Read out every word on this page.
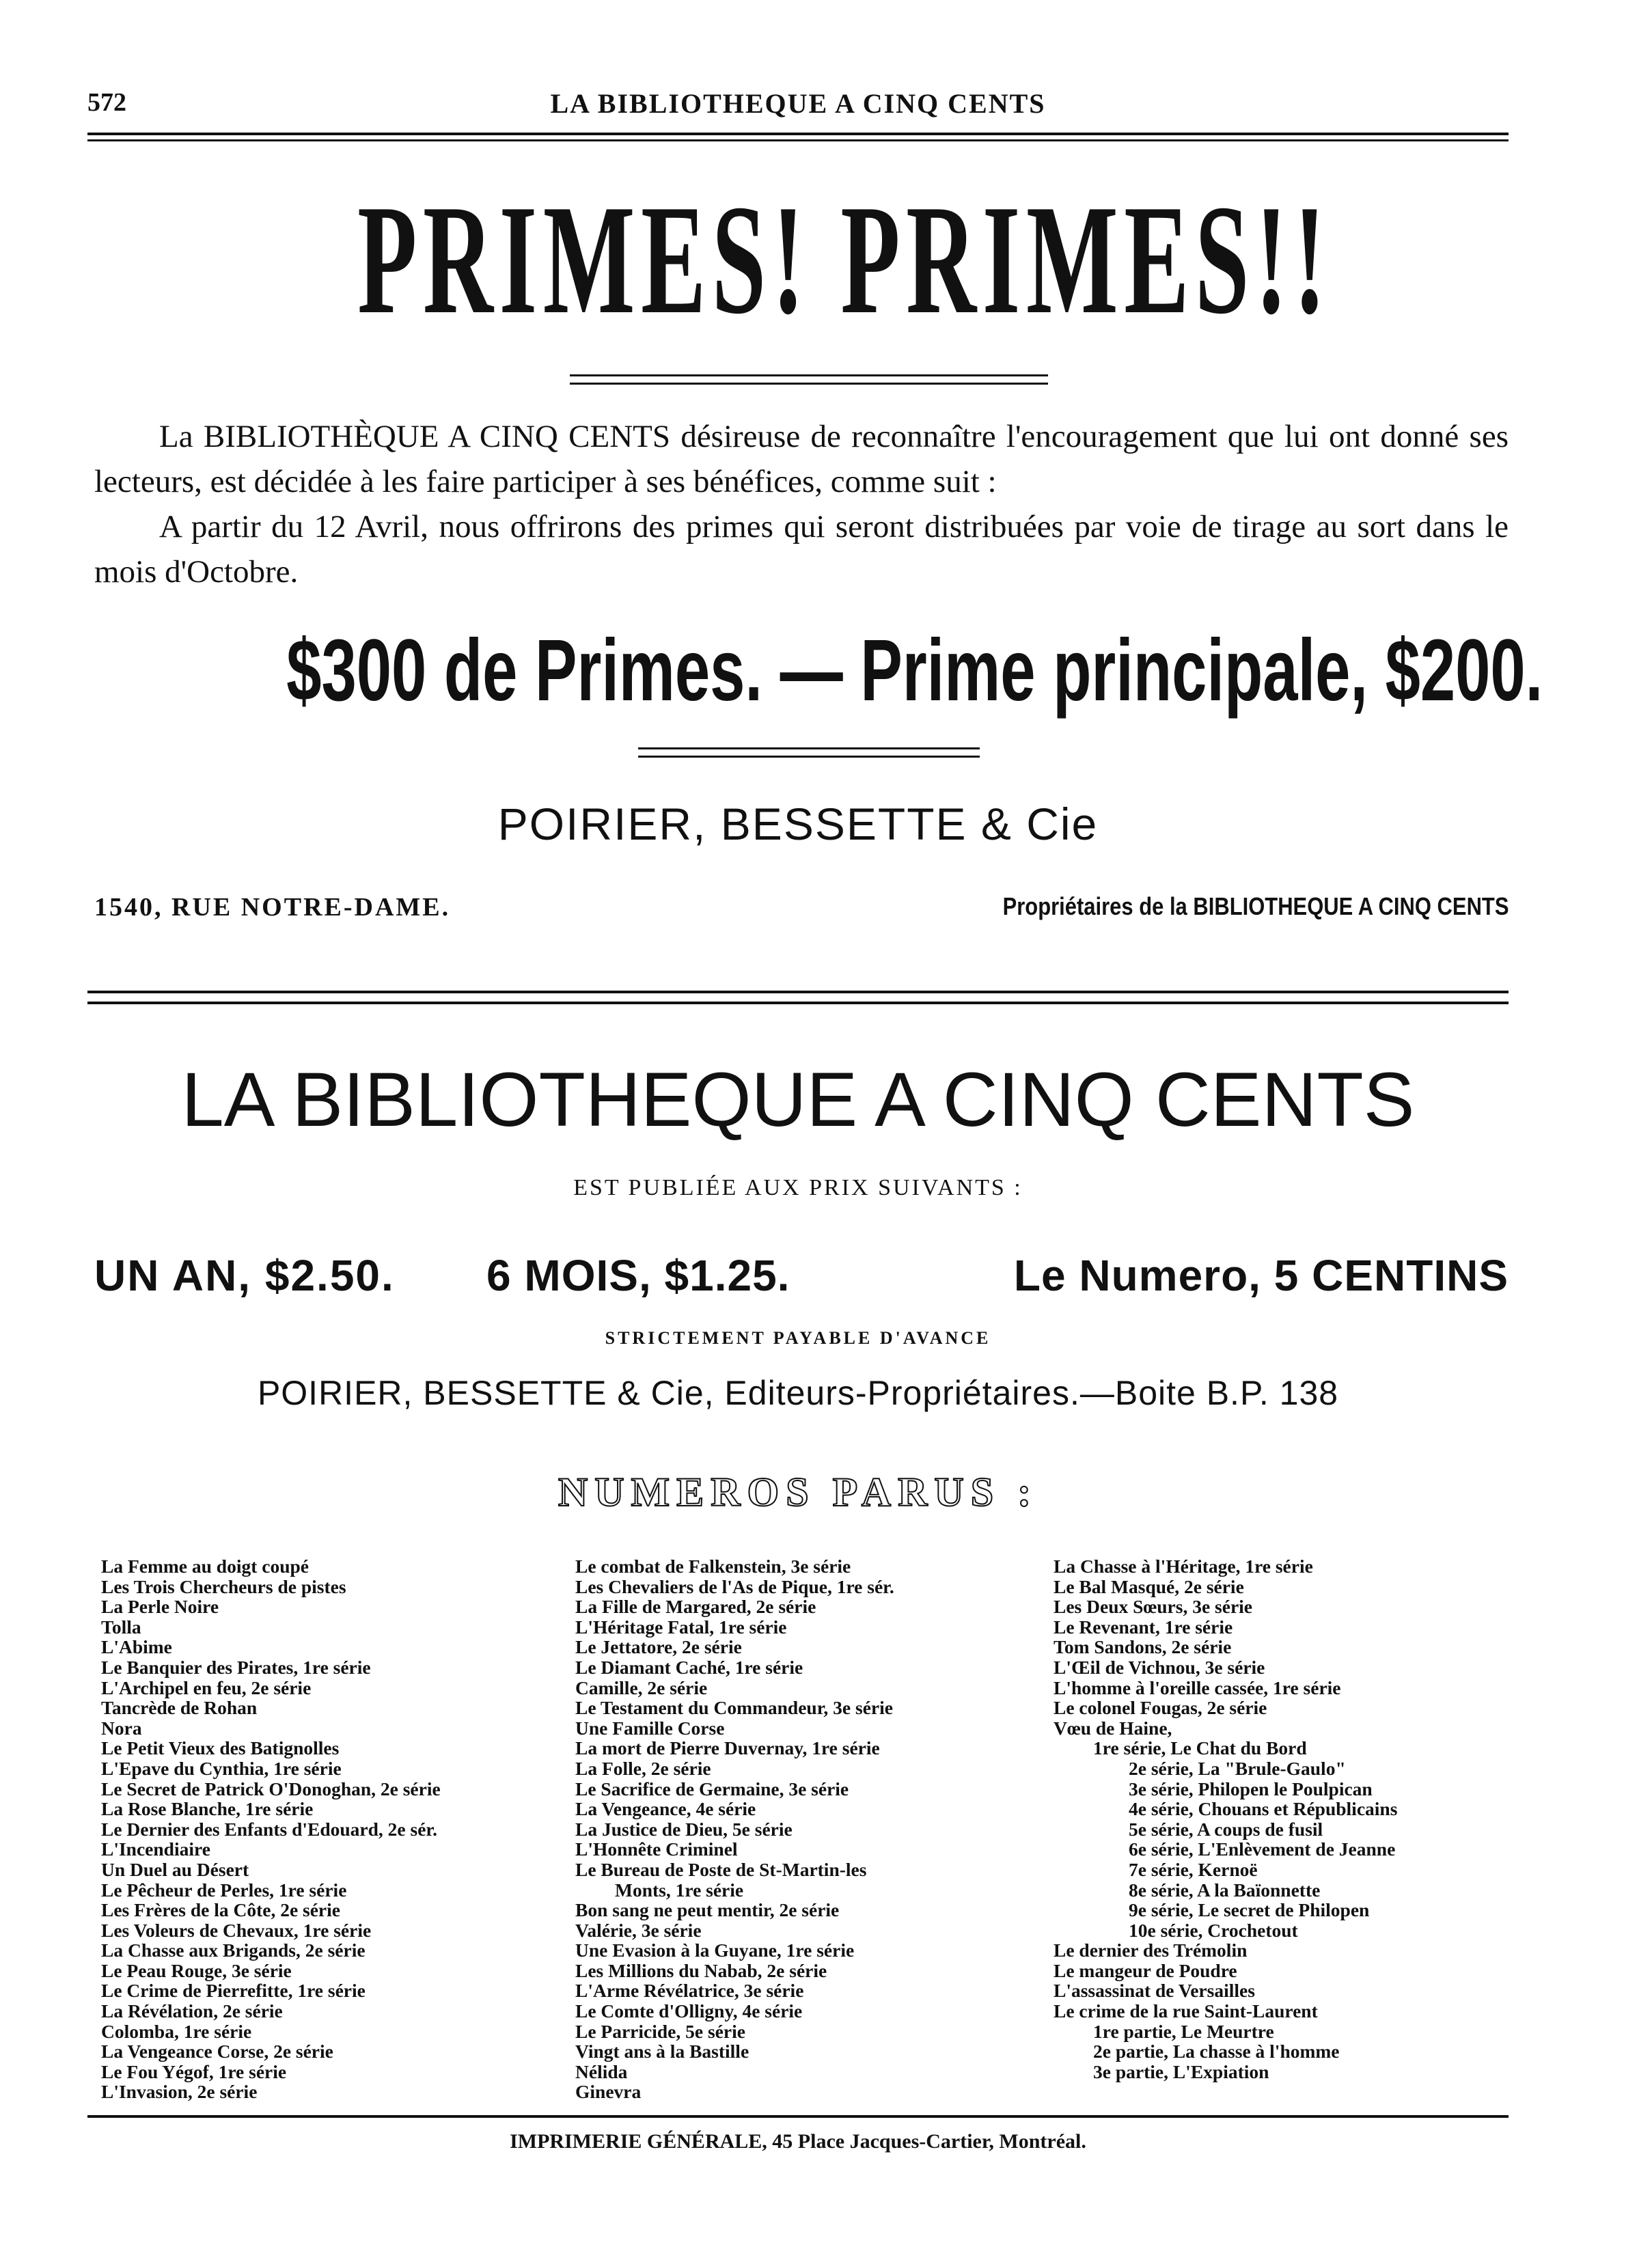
572	LA BIBLIOTHEQUE A CINQ CENTS
PRIMES! PRIMES!!

La BIBLIOTHÈQUE A CINQ CENTS désireuse de reconnaître l'encouragement que lui ont donné ses lecteurs, est décidée à les faire participer à ses bénéfices, comme suit :

A partir du 12 Avril, nous offrirons des primes qui seront distribuées par voie de tirage au sort dans le mois d'Octobre.

$300 de Primes. — Prime principale, $200.
POIRIER, BESSETTE & Cie
1540, RUE NOTRE-DAME.	Propriétaires de la BIBLIOTHEQUE A CINQ CENTS
LA BIBLIOTHEQUE A CINQ CENTS
EST PUBLIÉE AUX PRIX SUIVANTS :
UN AN, $2.50. 6 MOIS, $1.25.	Le Numero, 5 CENTINS
STRICTEMENT PAYABLE D'AVANCE
POIRIER, BESSETTE & Cie, Editeurs-Propriétaires.—Boite B.P. 138
NUMEROS PARUS :
La Femme au doigt coupé
Les Trois Chercheurs de pistes
La Perle Noire
Tolla
L'Abime
Le Banquier des Pirates, 1re série
L'Archipel en feu, 2e série
Tancrède de Rohan
Nora
Le Petit Vieux des Batignolles
L'Epave du Cynthia, 1re série
Le Secret de Patrick O'Donoghan, 2e série
La Rose Blanche, 1re série
Le Dernier des Enfants d'Edouard, 2e sér.
L'Incendiaire
Un Duel au Désert
Le Pêcheur de Perles, 1re série
Les Frères de la Côte, 2e série
Les Voleurs de Chevaux, 1re série
La Chasse aux Brigands, 2e série
Le Peau Rouge, 3e série
Le Crime de Pierrefitte, 1re série
La Révélation, 2e série
Colomba, 1re série
La Vengeance Corse, 2e série
Le Fou Yégof, 1re série
L'Invasion, 2e série
Le combat de Falkenstein, 3e série
Les Chevaliers de l'As de Pique, 1re sér.
La Fille de Margared, 2e série
L'Héritage Fatal, 1re série
Le Jettatore, 2e série
Le Diamant Caché, 1re série
Camille, 2e série
Le Testament du Commandeur, 3e série
Une Famille Corse
La mort de Pierre Duvernay, 1re série
La Folle, 2e série
Le Sacrifice de Germaine, 3e série
La Vengeance, 4e série
La Justice de Dieu, 5e série
L'Honnête Criminel
Le Bureau de Poste de St-Martin-les
Monts, 1re série
Bon sang ne peut mentir, 2e série
Valérie, 3e série
Une Evasion à la Guyane, 1re série
Les Millions du Nabab, 2e série
L'Arme Révélatrice, 3e série
Le Comte d'Olligny, 4e série
Le Parricide, 5e série
Vingt ans à la Bastille
Nélida
Ginevra
La Chasse à l'Héritage, 1re série
Le Bal Masqué, 2e série
Les Deux Sœurs, 3e série
Le Revenant, 1re série
Tom Sandons, 2e série
L'Œil de Vichnou, 3e série
L'homme à l'oreille cassée, 1re série
Le colonel Fougas, 2e série
Vœu de Haine,
1re série, Le Chat du Bord
2e série, La "Brule-Gaulo"
3e série, Philopen le Poulpican
4e série, Chouans et Républicains
5e série, A coups de fusil
6e série, L'Enlèvement de Jeanne
7e série, Kernoë
8e série, A la Baïonnette
9e série, Le secret de Philopen
10e série, Crochetout
Le dernier des Trémolin
Le mangeur de Poudre
L'assassinat de Versailles
Le crime de la rue Saint-Laurent
1re partie, Le Meurtre
2e partie, La chasse à l'homme
3e partie, L'Expiation
IMPRIMERIE GÉNÉRALE, 45 Place Jacques-Cartier, Montréal.
